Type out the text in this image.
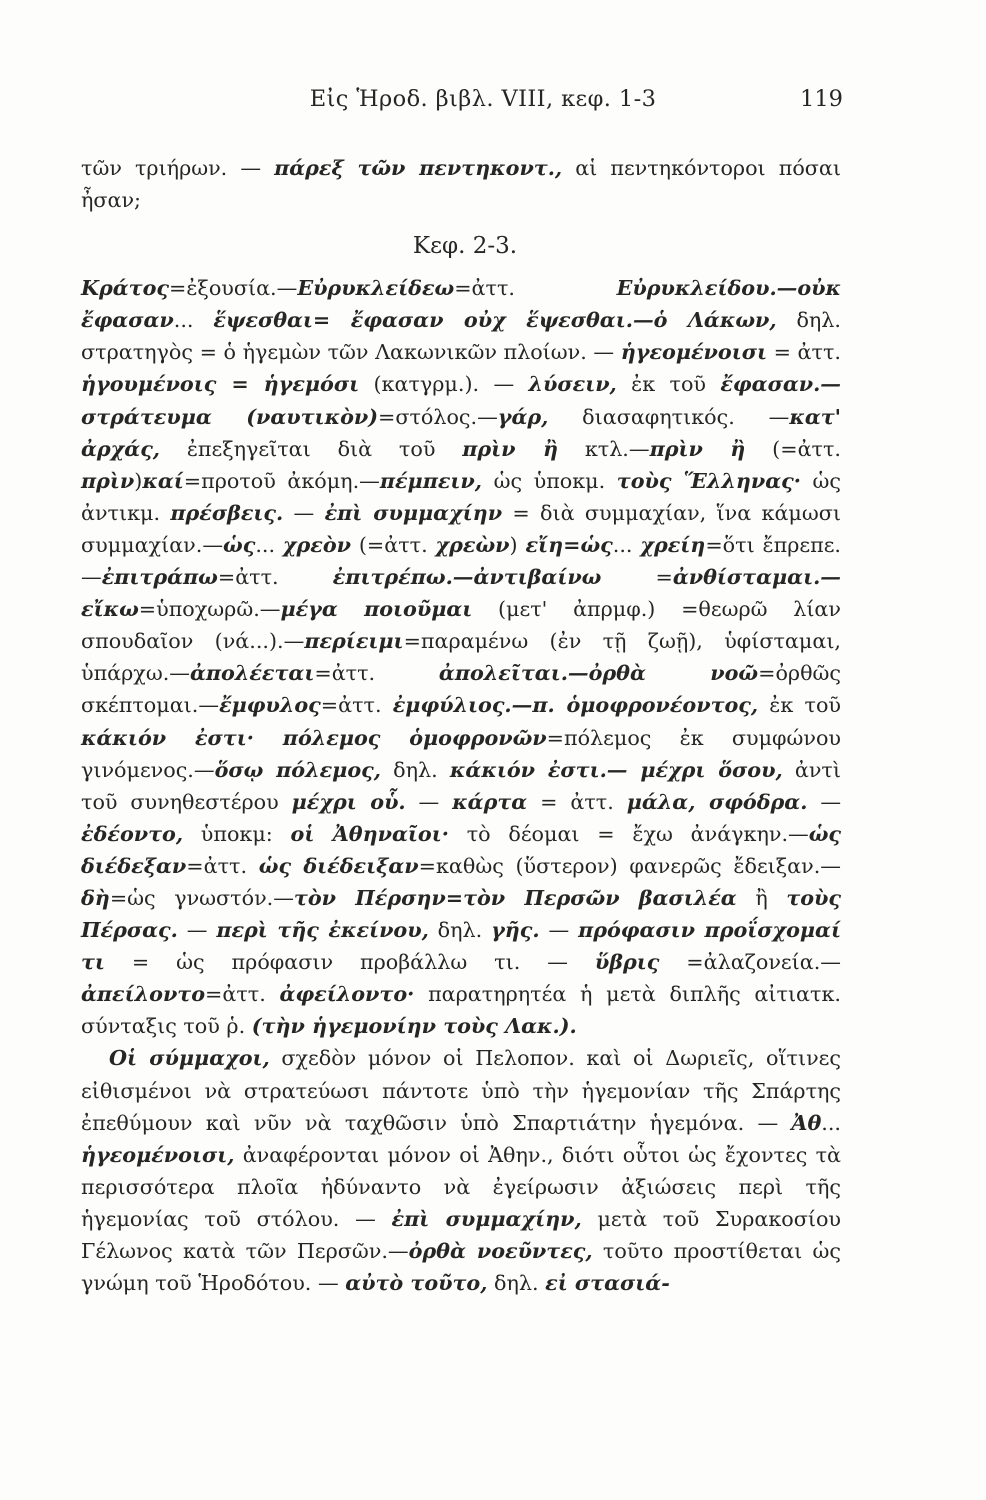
Εἰς Ἡροδ. βιβλ. VIII, κεφ. 1-3	119

τῶν τριήρων. — πάρεξ τῶν πεντηκοντ., αἱ πεντηκόντοροι πόσαι ἦσαν;

Κεφ. 2-3.

Κράτος=ἐξουσία.—Εὐρυκλείδεω=ἀττ. Εὐρυκλείδου.—οὐκ ἔφασαν... ἕψεσθαι= ἔφασαν οὐχ ἕψεσθαι.—ὁ Λάκων, δηλ. στρατηγὸς = ὁ ἡγεμὼν τῶν Λακωνικῶν πλοίων. — ἡγεομένοισι = ἀττ. ἡγουμένοις = ἡγεμόσι (κατγρμ.). — λύσειν, ἐκ τοῦ ἔφασαν.—στράτευμα (ναυτικὸν)=στόλος.—γάρ, διασαφητικός. —κατ' ἀρχάς, ἐπεξηγεῖται διὰ τοῦ πρὶν ἢ κτλ.—πρὶν ἢ (=ἀττ. πρὶν)καί=προτοῦ ἀκόμη.—πέμπειν, ὡς ὑποκμ. τοὺς Ἕλληνας· ὡς ἀντικμ. πρέσβεις. — ἐπὶ συμμαχίην = διὰ συμμαχίαν, ἵνα κάμωσι συμμαχίαν.—ὡς... χρεὸν (=ἀττ. χρεὼν) εἴη=ὡς... χρείη=ὅτι ἔπρεπε.—ἐπιτράπω=ἀττ. ἐπιτρέπω.—ἀντιβαίνω =ἀνθίσταμαι.—εἴκω=ὑποχωρῶ.—μέγα ποιοῦμαι (μετ' ἀπρμφ.) =θεωρῶ λίαν σπουδαῖον (νά...).—περίειμι=παραμένω (ἐν τῇ ζωῇ), ὑφίσταμαι, ὑπάρχω.—ἀπολέεται=ἀττ. ἀπολεῖται.—ὀρθὰ νοῶ=ὀρθῶς σκέπτομαι.—ἔμφυλος=ἀττ. ἐμφύλιος.—π. ὁμοφρονέοντος, ἐκ τοῦ κάκιόν ἐστι· πόλεμος ὁμοφρονῶν=πόλεμος ἐκ συμφώνου γινόμενος.—ὅσῳ πόλεμος, δηλ. κάκιόν ἐστι.— μέχρι ὅσου, ἀντὶ τοῦ συνηθεστέρου μέχρι οὗ. — κάρτα = ἀττ. μάλα, σφόδρα. — ἐδέοντο, ὑποκμ: οἱ Ἀθηναῖοι· τὸ δέομαι = ἔχω ἀνάγκην.—ὡς διέδεξαν=ἀττ. ὡς διέδειξαν=καθὼς (ὕστερον) φανερῶς ἔδειξαν.—δὴ=ὡς γνωστόν.—τὸν Πέρσην=τὸν Περσῶν βασιλέα ἢ τοὺς Πέρσας. — περὶ τῆς ἐκείνου, δηλ. γῆς. — πρόφασιν προΐσχομαί τι = ὡς πρόφασιν προβάλλω τι. — ὕβρις =ἀλαζονεία.—ἀπείλοντο=ἀττ. ἀφείλοντο· παρατηρητέα ἡ μετὰ διπλῆς αἰτιατκ. σύνταξις τοῦ ῥ. (τὴν ἡγεμονίην τοὺς Λακ.).

Οἱ σύμμαχοι, σχεδὸν μόνον οἱ Πελοπον. καὶ οἱ Δωριεῖς, οἵτινες εἰθισμένοι νὰ στρατεύωσι πάντοτε ὑπὸ τὴν ἡγεμονίαν τῆς Σπάρτης ἐπεθύμουν καὶ νῦν νὰ ταχθῶσιν ὑπὸ Σπαρτιάτην ἡγεμόνα. — Ἀθ... ἡγεομένοισι, ἀναφέρονται μόνον οἱ Ἀθην., διότι οὗτοι ὡς ἔχοντες τὰ περισσότερα πλοῖα ἠδύναντο νὰ ἐγείρωσιν ἀξιώσεις περὶ τῆς ἡγεμονίας τοῦ στόλου. — ἐπὶ συμμαχίην, μετὰ τοῦ Συρακοσίου Γέλωνος κατὰ τῶν Περσῶν.—ὀρθὰ νοεῦντες, τοῦτο προστίθεται ὡς γνώμη τοῦ Ἡροδότου. — αὐτὸ τοῦτο, δηλ. εἰ στασιά-
